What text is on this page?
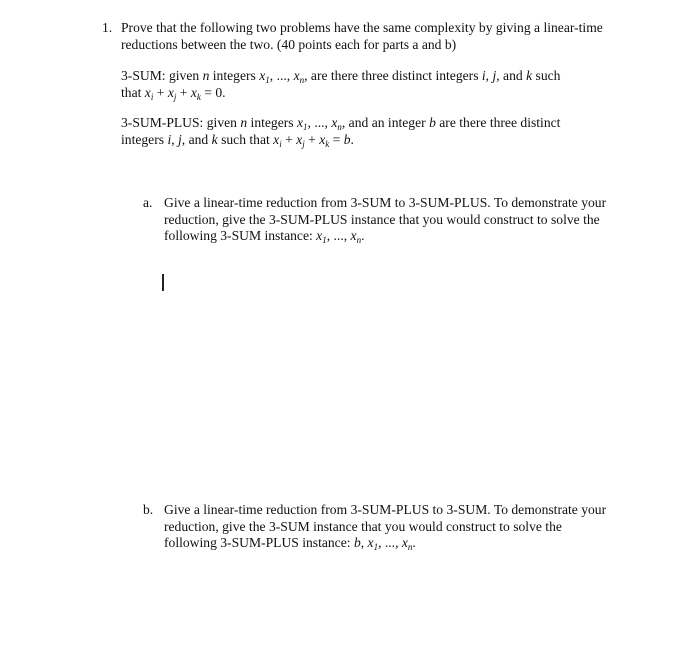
1. Prove that the following two problems have the same complexity by giving a linear-time
reductions between the two. (40 points each for parts a and b)
3-SUM: given n integers $x_1$, ..., $x_n$, are there three distinct integers i, j, and k such
that $x_i + x_j + x_k = 0$.
3-SUM-PLUS: given n integers $x_1$, ..., $x_n$, and an integer b are there three distinct
integers i, j, and k such that $x_i + x_j + x_k = b$.
a. Give a linear-time reduction from 3-SUM to 3-SUM-PLUS. To demonstrate your
reduction, give the 3-SUM-PLUS instance that you would construct to solve the
following 3-SUM instance: $x_1$, ..., $x_n$.
b. Give a linear-time reduction from 3-SUM-PLUS to 3-SUM. To demonstrate your
reduction, give the 3-SUM instance that you would construct to solve the
following 3-SUM-PLUS instance: b, $x_1$, ..., $x_n$.
